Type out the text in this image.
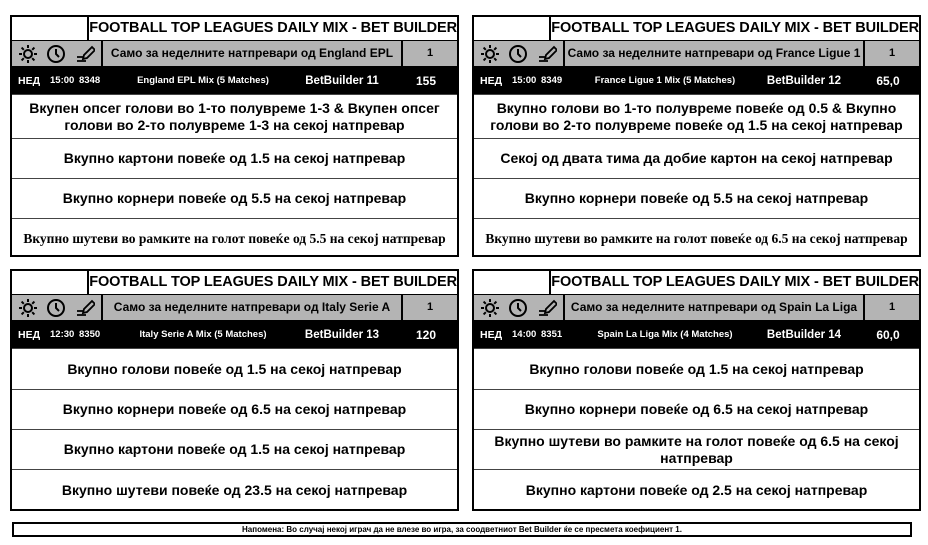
FOOTBALL TOP LEAGUES DAILY MIX - BET BUILDER
Само за неделните натпревари од England EPL	1
НЕД	15:00 8348	England EPL Mix (5 Matches)	BetBuilder 11	155
Вкупен опсег голови во 1-то полувреме 1-3 & Вкупен опсег голови во 2-то полувреме 1-3 на секој натпревар
Вкупно картони повеќе од 1.5 на секој натпревар
Вкупно корнери повеќе од 5.5 на секој натпревар
Вкупно шутеви во рамките на голот повеќе од 5.5 на секој натпревар
FOOTBALL TOP LEAGUES DAILY MIX - BET BUILDER
Само за неделните натпревари од France Ligue 1	1
НЕД	15:00 8349	France Ligue 1 Mix (5 Matches)	BetBuilder 12	65,0
Вкупно голови во 1-то полувреме повеќе од 0.5 & Вкупно голови во 2-то полувреме повеќе од 1.5 на секој натпревар
Секој од двата тима да добие картон на секој натпревар
Вкупно корнери повеќе од 5.5 на секој натпревар
Вкупно шутеви во рамките на голот повеќе од 6.5 на секој натпревар
FOOTBALL TOP LEAGUES DAILY MIX - BET BUILDER
Само за неделните натпревари од Italy Serie A	1
НЕД	12:30 8350	Italy Serie A Mix (5 Matches)	BetBuilder 13	120
Вкупно голови повеќе од 1.5 на секој натпревар
Вкупно корнери повеќе од 6.5 на секој натпревар
Вкупно картони повеќе од 1.5 на секој натпревар
Вкупно шутеви повеќе од 23.5 на секој натпревар
FOOTBALL TOP LEAGUES DAILY MIX - BET BUILDER
Само за неделните натпревари од Spain La Liga	1
НЕД	14:00 8351	Spain La Liga Mix (4 Matches)	BetBuilder 14	60,0
Вкупно голови повеќе од 1.5 на секој натпревар
Вкупно корнери повеќе од 6.5 на секој натпревар
Вкупно шутеви во рамките на голот повеќе од 6.5 на секој натпревар
Вкупно картони повеќе од 2.5 на секој натпревар
Напомена: Во случај некој играч да не влезе во игра, за соодветниот Bet Builder ќе се пресмета коефициент 1.
